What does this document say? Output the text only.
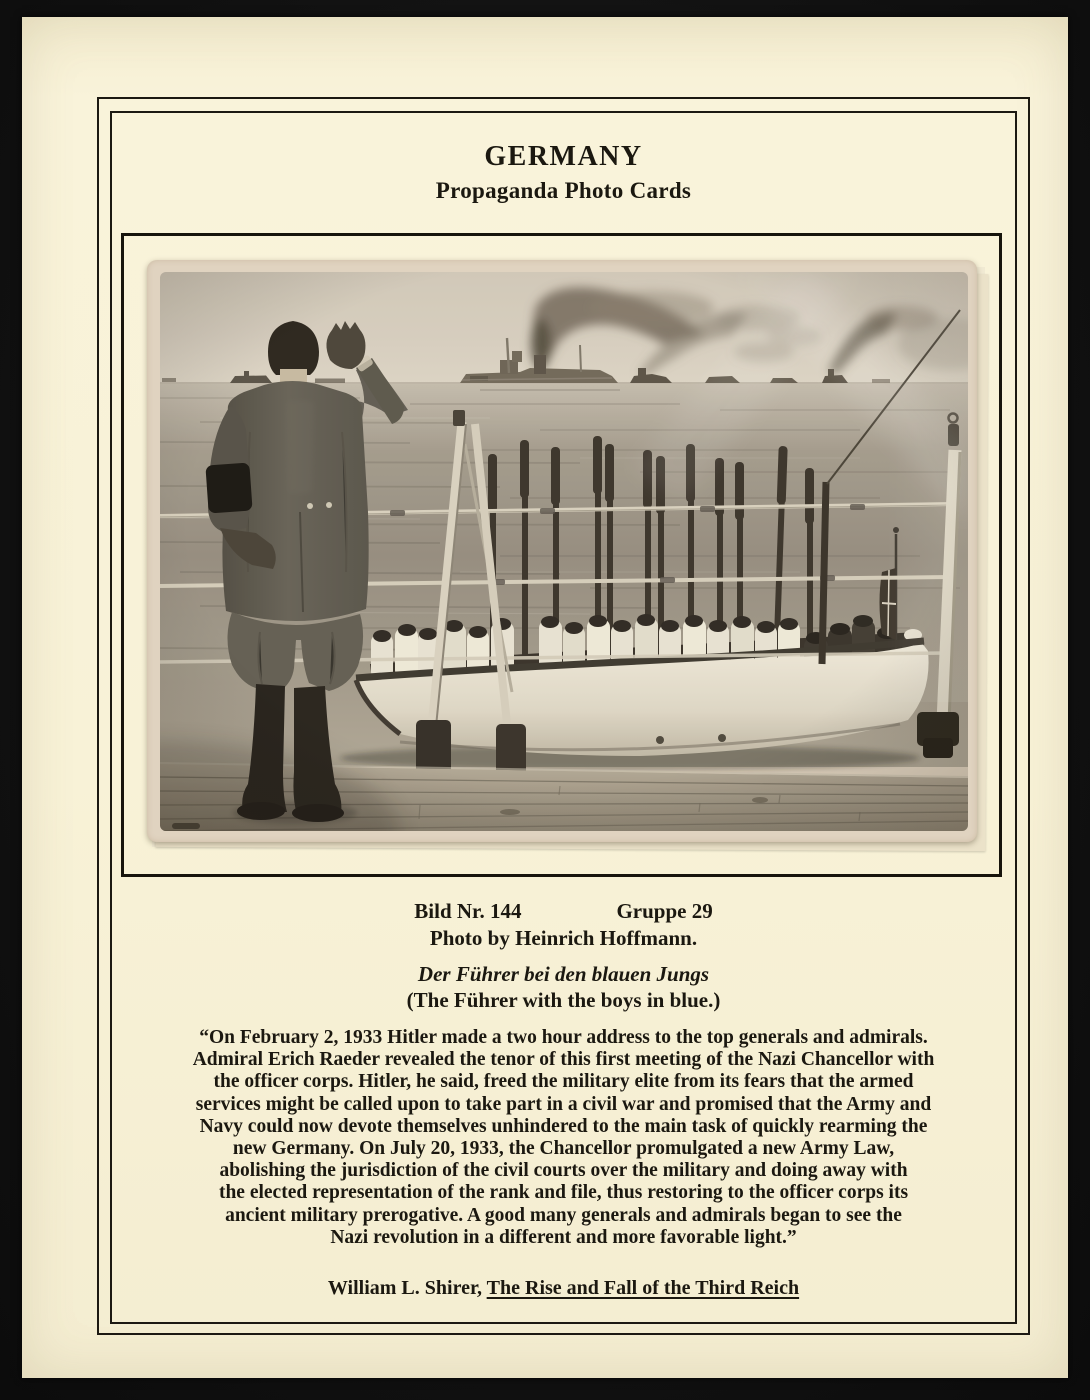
GERMANY
Propaganda Photo Cards
Bild Nr. 144	Gruppe 29
Photo by Heinrich Hoffmann.
Der Führer bei den blauen Jungs
(The Führer with the boys in blue.)
“On February 2, 1933 Hitler made a two hour address to the top generals and admirals.
Admiral Erich Raeder revealed the tenor of this first meeting of the Nazi Chancellor with
the officer corps. Hitler, he said, freed the military elite from its fears that the armed
services might be called upon to take part in a civil war and promised that the Army and
Navy could now devote themselves unhindered to the main task of quickly rearming the
new Germany. On July 20, 1933, the Chancellor promulgated a new Army Law,
abolishing the jurisdiction of the civil courts over the military and doing away with
the elected representation of the rank and file, thus restoring to the officer corps its
ancient military prerogative. A good many generals and admirals began to see the
Nazi revolution in a different and more favorable light.”
William L. Shirer, The Rise and Fall of the Third Reich
